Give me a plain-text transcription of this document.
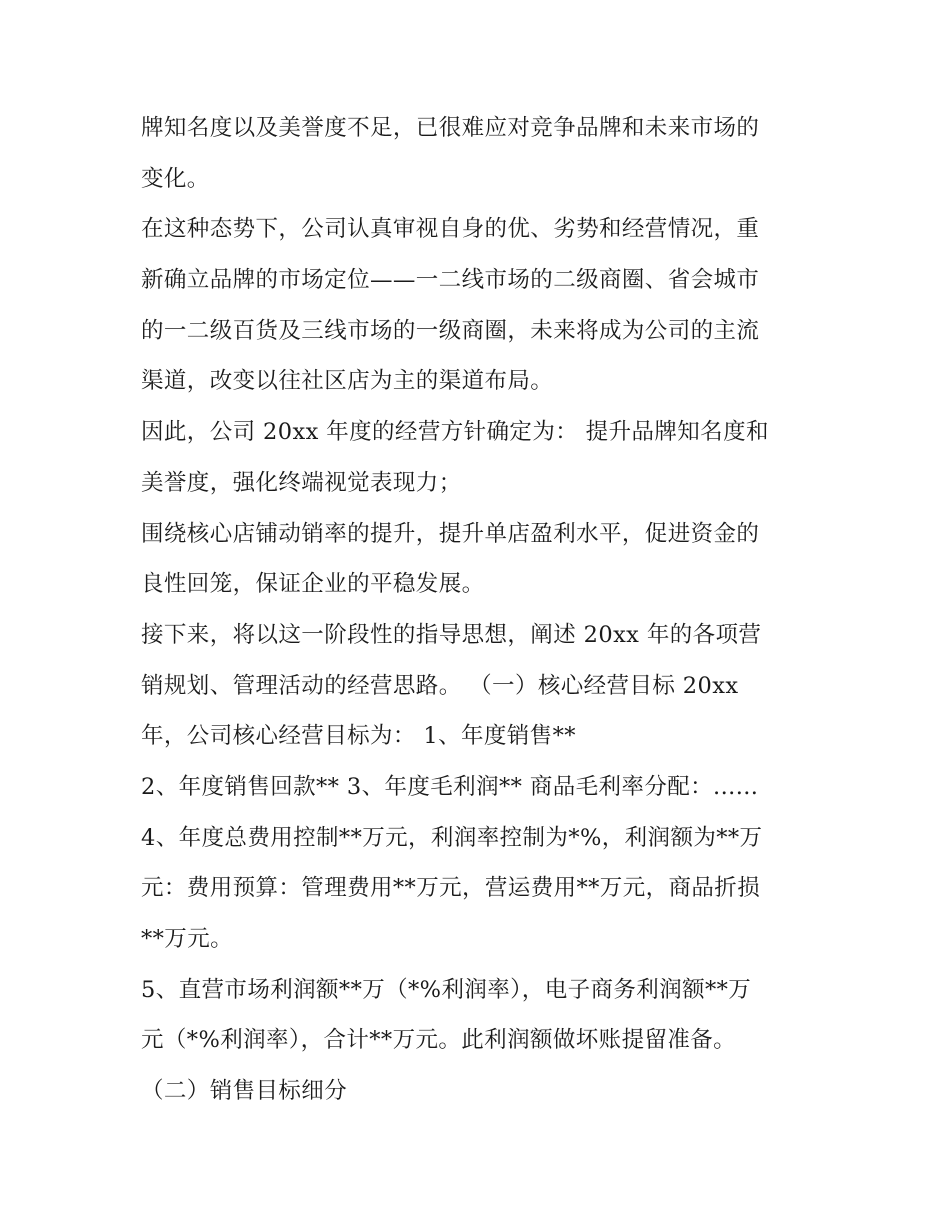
牌知名度以及美誉度不足，已很难应对竞争品牌和未来市场的
变化。
在这种态势下，公司认真审视自身的优、劣势和经营情况，重
新确立品牌的市场定位——一二线市场的二级商圈、省会城市
的一二级百货及三线市场的一级商圈，未来将成为公司的主流
渠道，改变以往社区店为主的渠道布局。
因此，公司 20xx 年度的经营方针确定为： 提升品牌知名度和
美誉度，强化终端视觉表现力；
围绕核心店铺动销率的提升，提升单店盈利水平，促进资金的
良性回笼，保证企业的平稳发展。
接下来，将以这一阶段性的指导思想，阐述 20xx 年的各项营
销规划、管理活动的经营思路。 （一）核心经营目标 20xx
年，公司核心经营目标为： 1、年度销售**
2、年度销售回款** 3、年度毛利润** 商品毛利率分配：......
4、年度总费用控制**万元，利润率控制为*%，利润额为**万
元：费用预算：管理费用**万元，营运费用**万元，商品折损
**万元。
5、直营市场利润额**万（*%利润率），电子商务利润额**万
元（*%利润率），合计**万元。此利润额做坏账提留准备。
（二）销售目标细分
